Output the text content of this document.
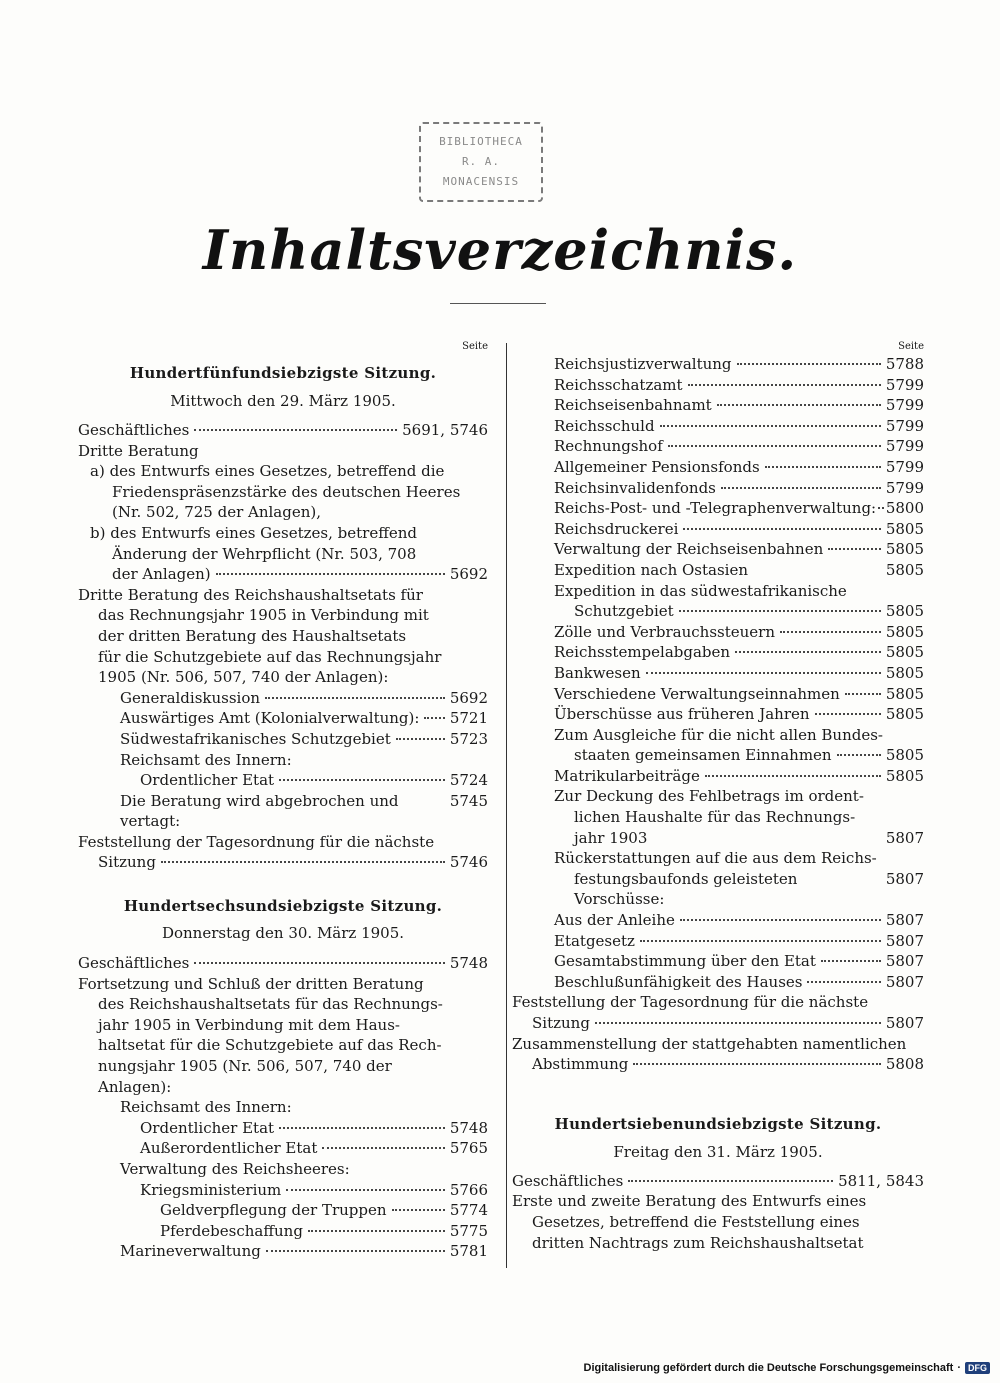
BIBLIOTHECA
R. A.
MONACENSIS
Inhaltsverzeichnis.
Seite
Hundertfünfundsiebzigste Sitzung.
Mittwoch den 29. März 1905.
Geschäftliches	5691, 5746
Dritte Beratung
a) des Entwurfs eines Gesetzes, betreffend die
Friedenspräsenzstärke des deutschen Heeres
(Nr. 502, 725 der Anlagen),
b) des Entwurfs eines Gesetzes, betreffend
Änderung der Wehrpflicht (Nr. 503, 708
der Anlagen)	5692
Dritte Beratung des Reichshaushaltsetats für
das Rechnungsjahr 1905 in Verbindung mit
der dritten Beratung des Haushaltsetats
für die Schutzgebiete auf das Rechnungsjahr
1905 (Nr. 506, 507, 740 der Anlagen):
Generaldiskussion	5692
Auswärtiges Amt (Kolonialverwaltung): 5721
Südwestafrikanisches Schutzgebiet	5723
Reichsamt des Innern:
Ordentlicher Etat	5724
Die Beratung wird abgebrochen und vertagt:
5745
Feststellung der Tagesordnung für die nächste
Sitzung	5746
Hundertsechsundsiebzigste Sitzung.
Donnerstag den 30. März 1905.
Geschäftliches	5748
Fortsetzung und Schluß der dritten Beratung
des Reichshaushaltsetats für das Rechnungs-
jahr 1905 in Verbindung mit dem Haus-
haltsetat für die Schutzgebiete auf das Rech-
nungsjahr 1905 (Nr. 506, 507, 740 der
Anlagen):
Reichsamt des Innern:
Ordentlicher Etat	5748
Außerordentlicher Etat	5765
Verwaltung des Reichsheeres:
Kriegsministerium	5766
Geldverpflegung der Truppen	5774
Pferdebeschaffung	5775
Marineverwaltung	5781
Seite
Reichsjustizverwaltung	5788
Reichsschatzamt	5799
Reichseisenbahnamt	5799
Reichsschuld	5799
Rechnungshof	5799
Allgemeiner Pensionsfonds	5799
Reichsinvalidenfonds	5799
Reichs-Post- und -Telegraphenverwaltung: 5800
Reichsdruckerei	5805
Verwaltung der Reichseisenbahnen	5805
Expedition nach Ostasien	5805
Expedition in das südwestafrikanische
Schutzgebiet	5805
Zölle und Verbrauchssteuern	5805
Reichsstempelabgaben	5805
Bankwesen	5805
Verschiedene Verwaltungseinnahmen	5805
Überschüsse aus früheren Jahren	5805
Zum Ausgleiche für die nicht allen Bundes-
staaten gemeinsamen Einnahmen	5805
Matrikularbeiträge	5805
Zur Deckung des Fehlbetrags im ordent-
lichen Haushalte für das Rechnungs-
jahr 1903	5807
Rückerstattungen auf die aus dem Reichs-
festungsbaufonds geleisteten Vorschüsse:
5807
Aus der Anleihe	5807
Etatgesetz	5807
Gesamtabstimmung über den Etat	5807
Beschlußunfähigkeit des Hauses	5807
Feststellung der Tagesordnung für die nächste
Sitzung	5807
Zusammenstellung der stattgehabten namentlichen
Abstimmung	5808
Hundertsiebenundsiebzigste Sitzung.
Freitag den 31. März 1905.
Geschäftliches	5811, 5843
Erste und zweite Beratung des Entwurfs eines
Gesetzes, betreffend die Feststellung eines
dritten Nachtrags zum Reichshaushaltsetat
Digitalisierung gefördert durch die Deutsche Forschungsgemeinschaft · DFG
